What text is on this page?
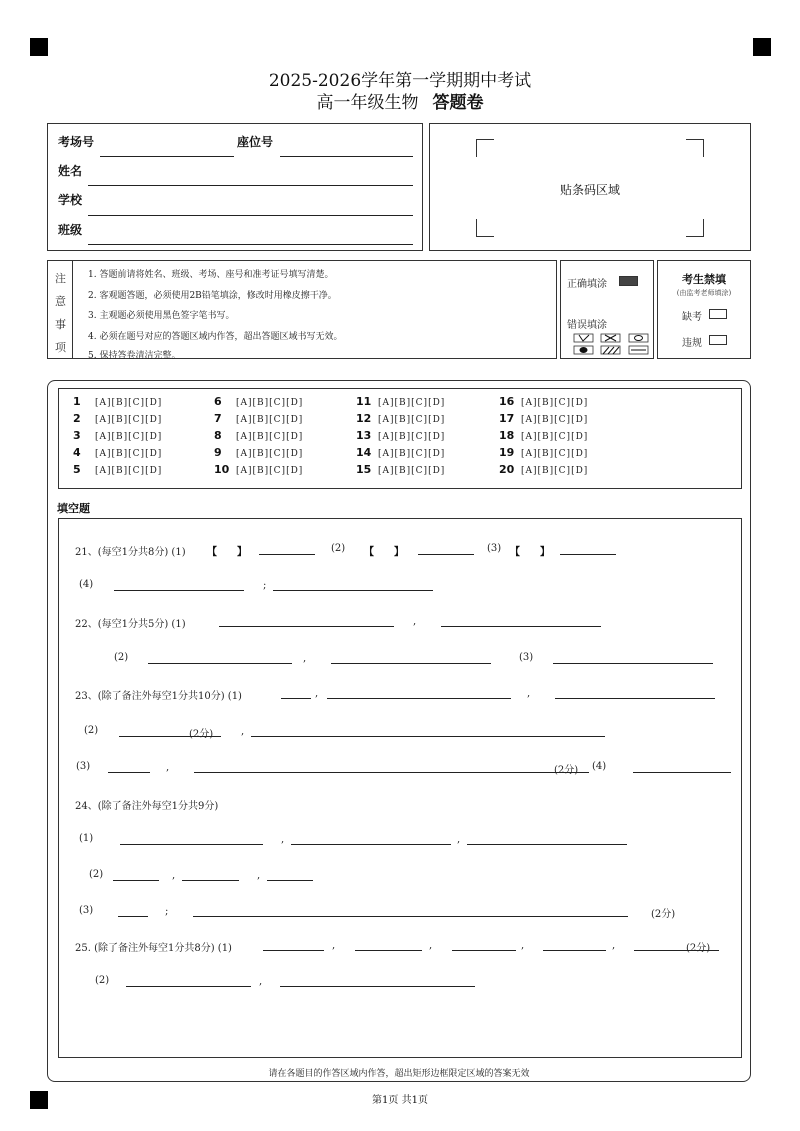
2025-2026学年第一学期期中考试
高一年级生物 答题卷
考场号	座位号
姓名
学校
班级
贴条码区域
注
意
事
项
1. 答题前请将姓名、班级、考场、座号和准考证号填写清楚。
2. 客观题答题，必须使用2B铅笔填涂，修改时用橡皮擦干净。
3. 主观题必须使用黑色签字笔书写。
4. 必须在题号对应的答题区域内作答，超出答题区域书写无效。
5. 保持答卷清洁完整。
正确填涂
错误填涂
考生禁填
(由监考老师填涂)
缺考
违规
1 [A][B][C][D]
2 [A][B][C][D]
3 [A][B][C][D]
4 [A][B][C][D]
5 [A][B][C][D]
6 [A][B][C][D]
7 [A][B][C][D]
8 [A][B][C][D]
9 [A][B][C][D]
10 [A][B][C][D]
11 [A][B][C][D]
12 [A][B][C][D]
13 [A][B][C][D]
14 [A][B][C][D]
15 [A][B][C][D]
16 [A][B][C][D]
17 [A][B][C][D]
18 [A][B][C][D]
19 [A][B][C][D]
20 [A][B][C][D]
填空题
21、(每空1分共8分) (1) 【　　】	(2) 【　　】	(3) 【　　】
(4)	;
22、(每空1分共5分) (1)	,
(2)	,	(3)
23、(除了备注外每空1分共10分) (1)	,	,
(2)	(2分)	,
(3)	,	(2分) (4)
24、(除了备注外每空1分共9分)
(1)	,	,
(2)	,	,
(3)	;	(2分)
25. (除了备注外每空1分共8分) (1)	,	,	,	,	(2分)
(2)	,
请在各题目的作答区域内作答，超出矩形边框限定区域的答案无效
第1页 共1页
